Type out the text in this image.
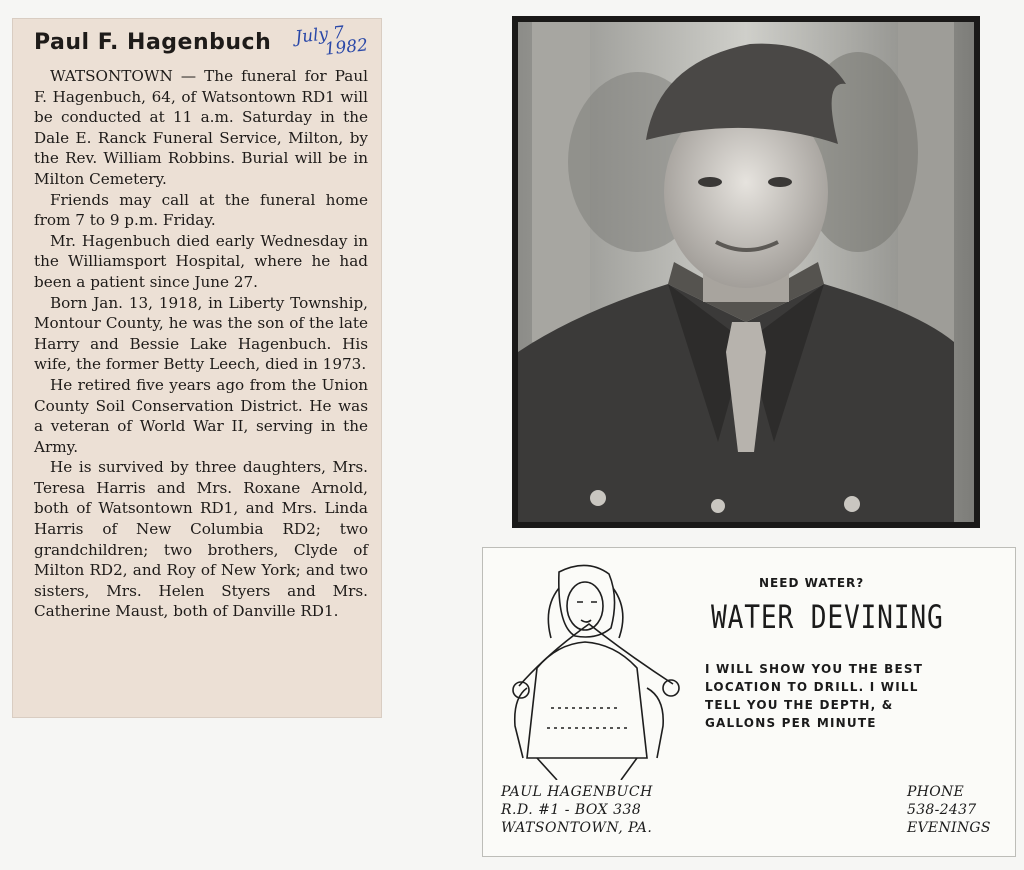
Paul F. Hagenbuch July 7
1982

WATSONTOWN — The funeral for Paul F. Hagenbuch, 64, of Watsontown RD1 will be conducted at 11 a.m. Saturday in the Dale E. Ranck Funeral Service, Milton, by the Rev. William Robbins. Burial will be in Milton Cemetery.

Friends may call at the funeral home from 7 to 9 p.m. Friday.

Mr. Hagenbuch died early Wednesday in the Williamsport Hospital, where he had been a patient since June 27.

Born Jan. 13, 1918, in Liberty Township, Montour County, he was the son of the late Harry and Bessie Lake Hagenbuch. His wife, the former Betty Leech, died in 1973.

He retired five years ago from the Union County Soil Conservation District. He was a veteran of World War II, serving in the Army.

He is survived by three daughters, Mrs. Teresa Harris and Mrs. Roxane Arnold, both of Watsontown RD1, and Mrs. Linda Harris of New Columbia RD2; two grandchildren; two brothers, Clyde of Milton RD2, and Roy of New York; and two sisters, Mrs. Helen Styers and Mrs. Catherine Maust, both of Danville RD1.

NEED WATER?
WATER DEVINING
I WILL SHOW YOU THE BEST
LOCATION TO DRILL. I WILL
TELL YOU THE DEPTH, &
GALLONS PER MINUTE
PAUL HAGENBUCH
R.D. #1 - BOX 338
WATSONTOWN, PA.
PHONE
538-2437
EVENINGS
